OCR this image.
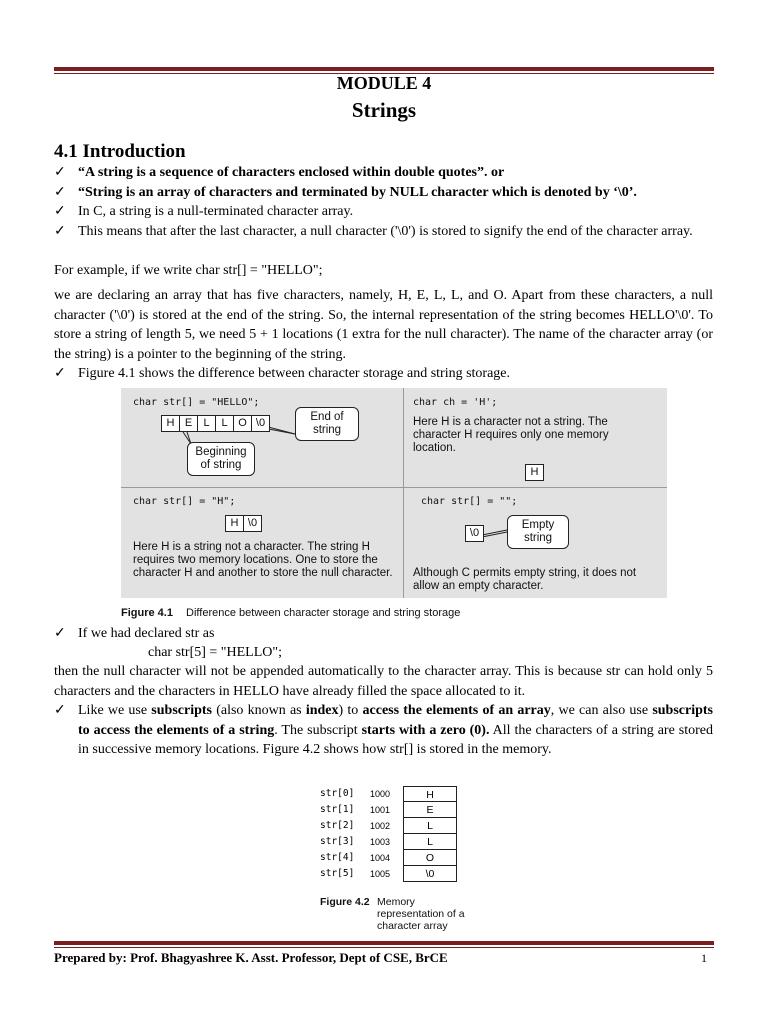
MODULE 4
Strings
4.1 Introduction
✓ “A string is a sequence of characters enclosed within double quotes”. or
✓ “String is an array of characters and terminated by NULL character which is denoted by ‘\0’.
✓ In C, a string is a null-terminated character array.
✓ This means that after the last character, a null character ('\0') is stored to signify the end of the character array.
For example, if we write char str[] = "HELLO";
we are declaring an array that has five characters, namely, H, E, L, L, and O. Apart from these characters, a null character ('\0') is stored at the end of the string. So, the internal representation of the string becomes HELLO'\0'. To store a string of length 5, we need 5 + 1 locations (1 extra for the null character). The name of the character array (or the string) is a pointer to the beginning of the string.
✓ Figure 4.1 shows the difference between character storage and string storage.
char str[] = "HELLO";
H E	L	L O \0	End of string
Beginning of string
char ch = 'H';
Here H is a character not a string. The character H requires only one memory location.
H
char str[] = "H";
H \0
Here H is a string not a character. The string H requires two memory locations. One to store the character H and another to store the null character.
char str[] = "";
\0
Empty string
Although C permits empty string, it does not allow an empty character.
Figure 4.1 Difference between character storage and string storage
✓ If we had declared str as
char str[5] = "HELLO";
then the null character will not be appended automatically to the character array. This is because str can hold only 5 characters and the characters in HELLO have already filled the space allocated to it.
✓ Like we use subscripts (also known as index) to access the elements of an array, we can also use subscripts to access the elements of a string. The subscript starts with a zero (0). All the characters of a string are stored in successive memory locations. Figure 4.2 shows how str[] is stored in the memory.
str[0] 1000	H
str[1] 1001	E
str[2] 1002	L
str[3] 1003	L
str[4] 1004	O
str[5] 1005	\0
Figure 4.2 Memory representation of a character array
Prepared by: Prof. Bhagyashree K. Asst. Professor, Dept of CSE, BrCE	1
